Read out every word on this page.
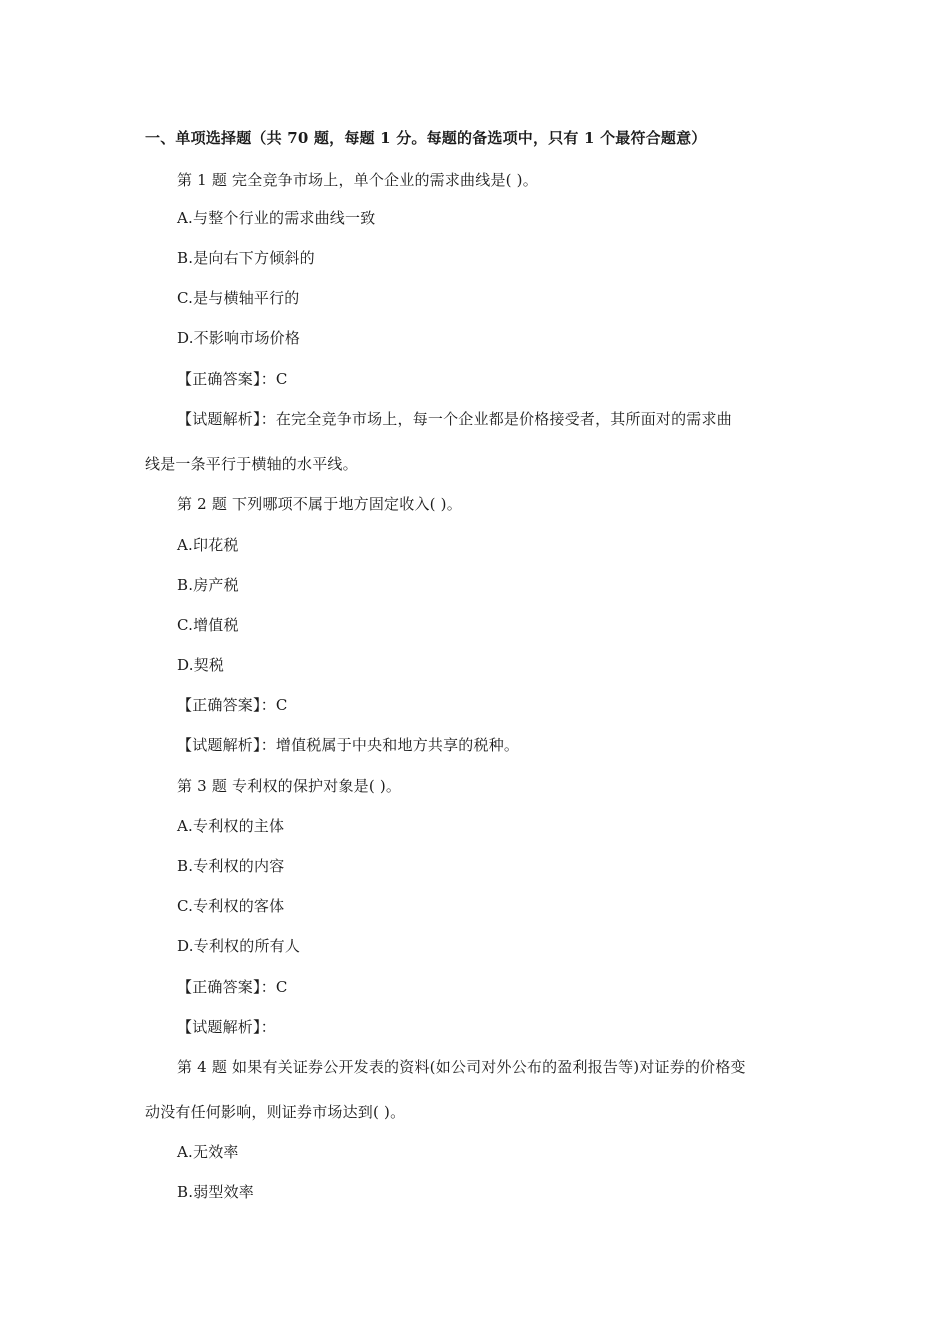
一、单项选择题（共 70 题，每题 1 分。每题的备选项中，只有 1 个最符合题意）
第 1 题 完全竞争市场上，单个企业的需求曲线是( )。
A.与整个行业的需求曲线一致
B.是向右下方倾斜的
C.是与横轴平行的
D.不影响市场价格
【正确答案】：C
【试题解析】：在完全竞争市场上，每一个企业都是价格接受者，其所面对的需求曲
线是一条平行于横轴的水平线。
第 2 题 下列哪项不属于地方固定收入( )。
A.印花税
B.房产税
C.增值税
D.契税
【正确答案】：C
【试题解析】：增值税属于中央和地方共享的税种。
第 3 题 专利权的保护对象是( )。
A.专利权的主体
B.专利权的内容
C.专利权的客体
D.专利权的所有人
【正确答案】：C
【试题解析】：
第 4 题 如果有关证券公开发表的资料(如公司对外公布的盈利报告等)对证券的价格变
动没有任何影响，则证券市场达到( )。
A.无效率
B.弱型效率
